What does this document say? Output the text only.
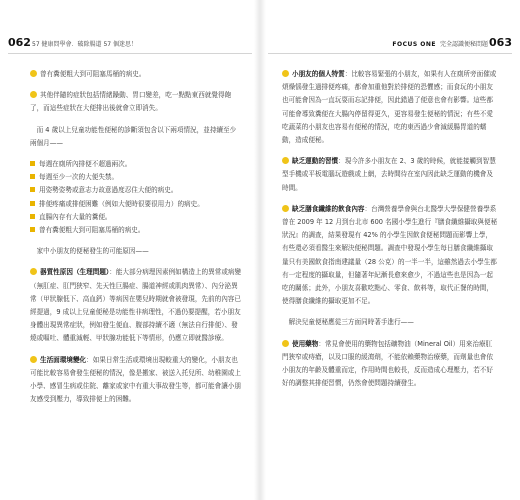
062 57 健康問學會．破除腸道 57 個迷思！	FOCUS ONE 完全認識便秘問題 063

曾有糞便粗大到可阻塞馬桶的病史。

其他伴隨的症狀包括情緒躁動、胃口變差，吃一點點東西就覺得飽了，而這些症狀在大便排出後就會立即消失。

而 4 歲以上兒童功能性便秘的診斷須包含以下兩項情況，並持續至少兩個月——

每週在廁所內排便不超過兩次。
每週至少一次的大便失禁。
用姿勢姿勢或意志力故意過度忍住大便的病史。
排便疼痛或排便困難（例如大便時很要很用力）的病史。
直腸內存有大量的糞便。
曾有糞便粗大到可阻塞馬桶的病史。

家中小朋友的便秘發生的可能原因——

器質性原因（生理問題）：能大部分病理因素例如構造上的異常或病變（無肛症、肛門狹窄、先天性巨腸症、腸道神經或肌肉異常）、內分泌異常（甲狀腺低下、高血鈣）等病因在嬰兒時期就會被發現，先前的內容已經提過，9 成以上兒童便秘是功能性非病理性，不過仍要提醒，若小朋友身體出現異常症狀，例如發生便血、腹部持續不適（無法自行排便）、發燒或嘔吐、體重減輕、甲狀腺功能低下等情形，仍應立即就醫診療。

生活面環境變化：如果日常生活或環境出現較重大的變化，小朋友也可能比較容易會發生便秘的情況，像是搬家、被送入托兒所、幼稚園或上小學、感冒生病或住院、離家或家中有重大事故發生等，都可能會讓小朋友感受到壓力，導致排便上的困難。

小朋友的個人特質：比較容易緊張的小朋友，如果有人在廁所旁面催或煩燥惱發生過排便疼痛，都會加重他對於排便的恐懼感；而食玩的小朋友也可能會因為一直玩耍而忘記排便，因此錯過了便意也會有影響。這些都可能會導致糞便在大腸內停留得更久，更容易發生便秘的情況；有些不愛吃蔬菜的小朋友也容易有便秘的情況，吃的東西過少會減緩腸胃道的蠕動，造成便秘。

缺乏運動的習慣：現今許多小朋友在 2、3 歲的時候，就能接觸到智慧型手機或平板電腦玩遊戲或上網，去時間待在室內因此缺乏運動的機會及時間。

缺乏膳食纖維的飲食內容：台灣營養學會與台北醫學大學保健營養學系曾在 2009 年 12 月到台北市 600 名國小學生進行『膳食纖維攝取與便秘狀況』的調查，結果發現有 42% 的小學生因飲食便秘問題而影響上學，有些還必須看醫生來解決便秘問題。調查中發現小學生每日膳食纖維攝取量只有美國飲食指南建議量（28 公克）的一半一半，這雖然過去小學生都有一定程度的攝取量，但隨著年紀漸長愈來愈少，不過這些也是因為一起吃的關係；此外，小朋友喜歡吃點心、零食、飲料等，取代正餐的時間，使得膳食纖維的攝取更加不足。

解決兒童便秘應從三方面同時著手進行——

使用藥物：常見會使用的藥物包括礦物油（Mineral Oil）用來治療肛門狹窄或痔瘡，以及口服的緩瀉劑，不能依賴藥物治療藥，而劑量也會依小朋友的年齡及體重而定，作用時間也較長，反而造成心理壓力，若不好好的調整其排便習慣，仍然會使問題持續發生。
